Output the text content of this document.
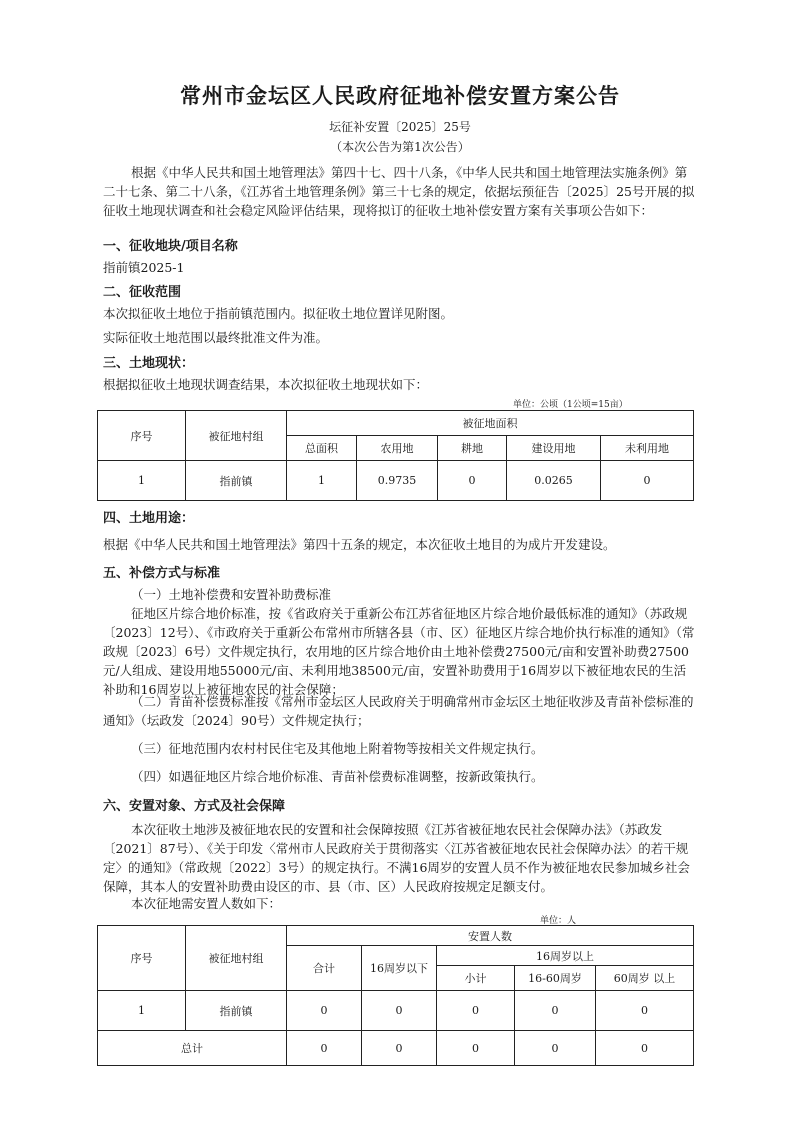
常州市金坛区人民政府征地补偿安置方案公告
坛征补安置〔2025〕25号
（本次公告为第1次公告）

根据《中华人民共和国土地管理法》第四十七、四十八条，《中华人民共和国土地管理法实施条例》第二十七条、第二十八条，《江苏省土地管理条例》第三十七条的规定，依据坛预征告〔2025〕25号开展的拟征收土地现状调查和社会稳定风险评估结果，现将拟订的征收土地补偿安置方案有关事项公告如下：

一、征收地块/项目名称

指前镇2025-1

二、征收范围

本次拟征收土地位于指前镇范围内。拟征收土地位置详见附图。

实际征收土地范围以最终批准文件为准。

三、土地现状：

根据拟征收土地现状调查结果，本次拟征收土地现状如下：

单位：公顷（1公顷=15亩）
序号	被征地村组	被征地面积				
		总面积	农用地	耕地	建设用地	未利用地
1	指前镇	1	0.9735	0	0.0265	0

四、土地用途：

根据《中华人民共和国土地管理法》第四十五条的规定，本次征收土地目的为成片开发建设。

五、补偿方式与标准

（一）土地补偿费和安置补助费标准

征地区片综合地价标准，按《省政府关于重新公布江苏省征地区片综合地价最低标准的通知》（苏政规〔2023〕12号）、《市政府关于重新公布常州市所辖各县（市、区）征地区片综合地价执行标准的通知》（常政规〔2023〕6号）文件规定执行，农用地的区片综合地价由土地补偿费27500元/亩和安置补助费27500元/人组成、建设用地55000元/亩、未利用地38500元/亩，安置补助费用于16周岁以下被征地农民的生活补助和16周岁以上被征地农民的社会保障；

（二）青苗补偿费标准按《常州市金坛区人民政府关于明确常州市金坛区土地征收涉及青苗补偿标准的通知》（坛政发〔2024〕90号）文件规定执行；

（三）征地范围内农村村民住宅及其他地上附着物等按相关文件规定执行。

（四）如遇征地区片综合地价标准、青苗补偿费标准调整，按新政策执行。

六、安置对象、方式及社会保障

本次征收土地涉及被征地农民的安置和社会保障按照《江苏省被征地农民社会保障办法》（苏政发〔2021〕87号）、《关于印发〈常州市人民政府关于贯彻落实〈江苏省被征地农民社会保障办法〉的若干规定〉的通知》（常政规〔2022〕3号）的规定执行。不满16周岁的安置人员不作为被征地农民参加城乡社会保障，其本人的安置补助费由设区的市、县（市、区）人民政府按规定足额支付。

本次征地需安置人数如下：

单位：人
序号	被征地村组	安置人数				
		合计	16周岁以下	16周岁以上		
				小计	16-60周岁	60周岁 以上
1	指前镇	0	0	0	0	0
总计		0	0	0	0	0
